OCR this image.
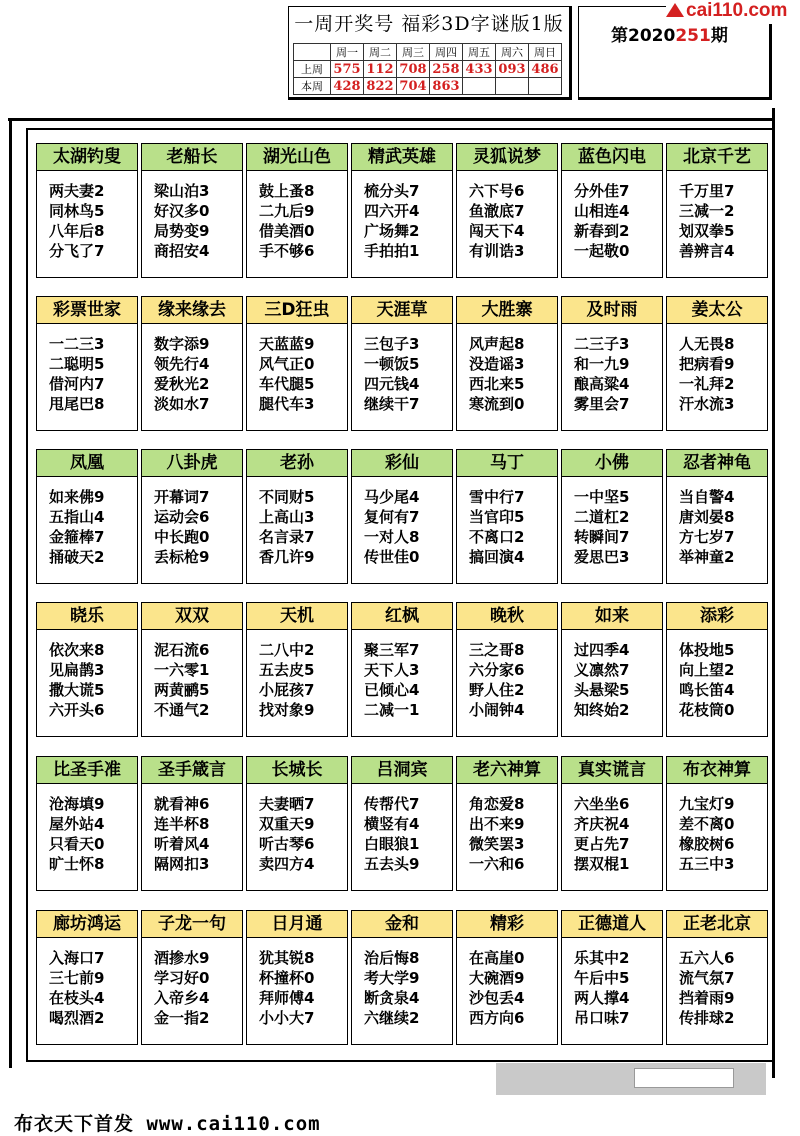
一周开奖号 福彩3D字谜版1版
	周一	周二	周三	周四	周五	周六	周日
上周	575	112	708	258	433	093	486
本周	428	822	704	863			
第2020251期
cai110.com
太湖钓叟
两夫妻2
同林鸟5
八年后8
分飞了7
老船长
梁山泊3
好汉多0
局势变9
商招安4
湖光山色
鼓上蚤8
二九后9
借美酒0
手不够6
精武英雄
梳分头7
四六开4
广场舞2
手拍拍1
灵狐说梦
六下号6
鱼澈底7
闯天下4
有训诰3
蓝色闪电
分外佳7
山相连4
新春到2
一起敬0
北京千艺
千万里7
三减一2
划双拳5
善辨言4
彩票世家
一二三3
二聪明5
借河内7
甩尾巴8
缘来缘去
数字添9
领先行4
爱秋光2
淡如水7
三D狂虫
天蓝蓝9
风气正0
车代腿5
腿代车3
天涯草
三包子3
一顿饭5
四元钱4
继续干7
大胜寨
风声起8
没造谣3
西北来5
寒流到0
及时雨
二三子3
和一九9
酿高粱4
雾里会7
姜太公
人无畏8
把病看9
一礼拜2
汗水流3
凤凰
如来佛9
五指山4
金箍棒7
捅破天2
八卦虎
开幕词7
运动会6
中长跑0
丢标枪9
老孙
不同财5
上高山3
名言录7
香几许9
彩仙
马少尾4
复何有7
一对人8
传世佳0
马丁
雪中行7
当官印5
不离口2
搞回演4
小佛
一中坚5
二道杠2
转瞬间7
爱思巴3
忍者神龟
当自警4
唐刘晏8
方七岁7
举神童2
晓乐
依次来8
见扁鹊3
撒大谎5
六开头6
双双
泥石流6
一六零1
两黄鹂5
不通气2
天机
二八中2
五去皮5
小屁孩7
找对象9
红枫
聚三军7
天下人3
已倾心4
二减一1
晚秋
三之哥8
六分家6
野人住2
小闹钟4
如来
过四季4
义凛然7
头悬梁5
知终始2
添彩
体投地5
向上望2
鸣长笛4
花枝筒0
比圣手准
沧海填9
屋外站4
只看天0
旷士怀8
圣手箴言
就看神6
连半杯8
听着风4
隔网扣3
长城长
夫妻晒7
双重天9
听古琴6
卖四方4
吕洞宾
传帮代7
横竖有4
白眼狼1
五去头9
老六神算
角恋爱8
出不来9
微笑罢3
一六和6
真实谎言
六坐坐6
齐庆祝4
更占先7
摆双棍1
布衣神算
九宝灯9
差不离0
橡胶树6
五三中3
廊坊鸿运
入海口7
三七前9
在枝头4
喝烈酒2
子龙一句
酒掺水9
学习好0
入帝乡4
金一指2
日月通
犹其锐8
杯撞杯0
拜师傅4
小小大7
金和
治后悔8
考大学9
断贪泉4
六继续2
精彩
在高崖0
大碗酒9
沙包丢4
西方向6
正德道人
乐其中2
午后中5
两人撑4
吊口味7
正老北京
五六人6
流气氛7
挡着雨9
传排球2
布衣天下首发 www.cai110.com
